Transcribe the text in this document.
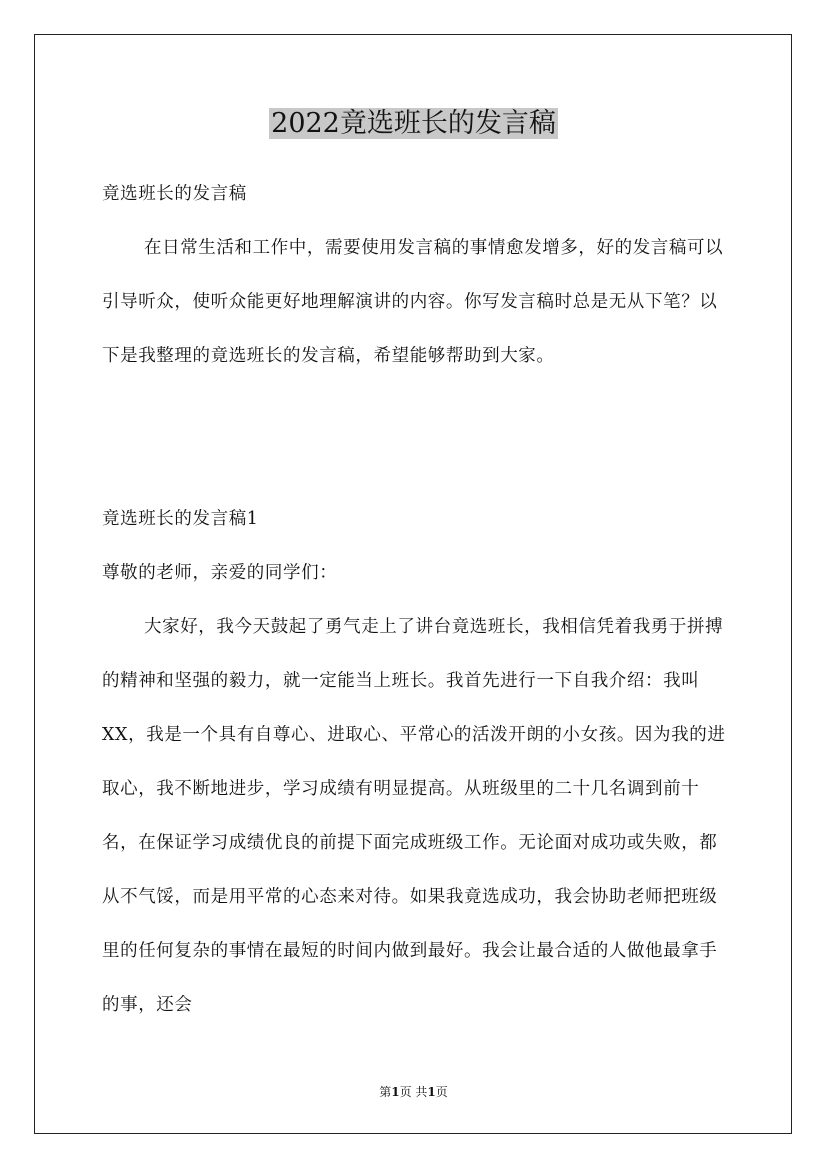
2022竟选班长的发言稿

竟选班长的发言稿

在日常生活和工作中，需要使用发言稿的事情愈发增多，好的发言稿可以引导听众，使听众能更好地理解演讲的内容。你写发言稿时总是无从下笔？以下是我整理的竟选班长的发言稿，希望能够帮助到大家。

竟选班长的发言稿1

尊敬的老师，亲爱的同学们：

大家好，我今天鼓起了勇气走上了讲台竟选班长，我相信凭着我勇于拼搏的精神和坚强的毅力，就一定能当上班长。我首先进行一下自我介绍：我叫XX，我是一个具有自尊心、进取心、平常心的活泼开朗的小女孩。因为我的进取心，我不断地进步，学习成绩有明显提高。从班级里的二十几名调到前十名，在保证学习成绩优良的前提下面完成班级工作。无论面对成功或失败，都从不气馁，而是用平常的心态来对待。如果我竟选成功，我会协助老师把班级里的任何复杂的事情在最短的时间内做到最好。我会让最合适的人做他最拿手的事，还会

第1页 共1页
